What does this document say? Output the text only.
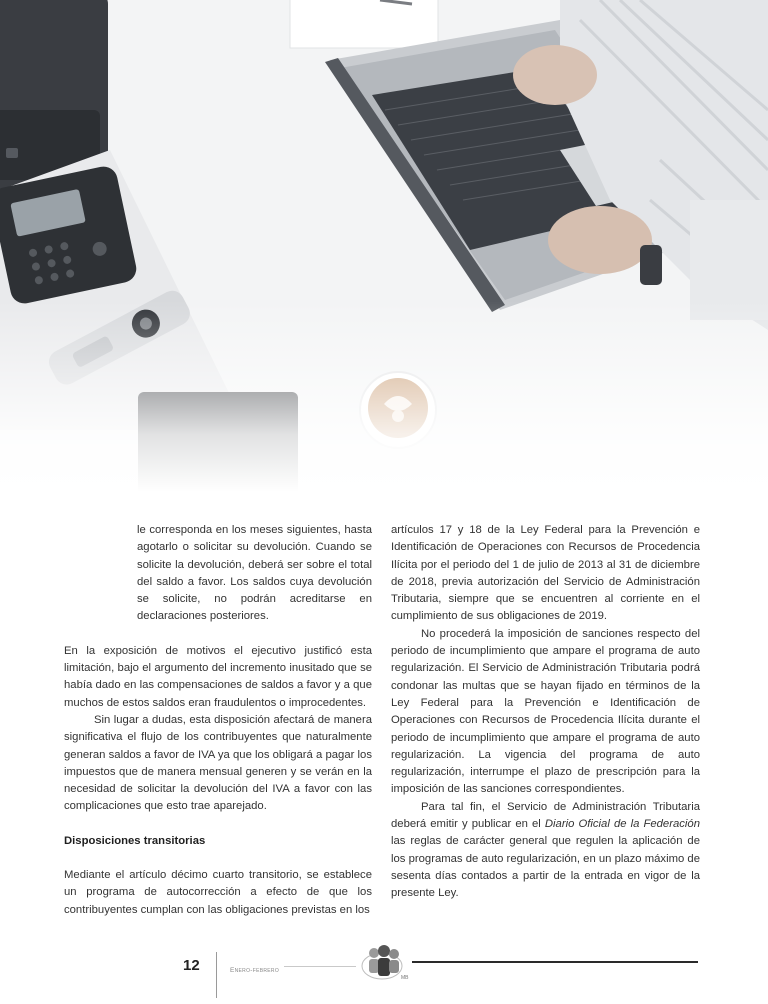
le corresponda en los meses siguientes, hasta agotarlo o solicitar su devolución. Cuando se solicite la devolución, deberá ser sobre el total del saldo a favor. Los saldos cuya devolución se solicite, no podrán acreditarse en declaraciones posteriores.

En la exposición de motivos el ejecutivo justificó esta limitación, bajo el argumento del incremento inusitado que se había dado en las compensaciones de saldos a favor y a que muchos de estos saldos eran fraudulentos o improcedentes.

Sin lugar a dudas, esta disposición afectará de manera significativa el flujo de los contribuyentes que naturalmente generan saldos a favor de IVA ya que los obligará a pagar los impuestos que de manera mensual generen y se verán en la necesidad de solicitar la devolución del IVA a favor con las complicaciones que esto trae aparejado.

Disposiciones transitorias

Mediante el artículo décimo cuarto transitorio, se establece un programa de autocorrección a efecto de que los contribuyentes cumplan con las obligaciones previstas en los

artículos 17 y 18 de la Ley Federal para la Prevención e Identificación de Operaciones con Recursos de Procedencia Ilícita por el periodo del 1 de julio de 2013 al 31 de diciembre de 2018, previa autorización del Servicio de Administración Tributaria, siempre que se encuentren al corriente en el cumplimiento de sus obligaciones de 2019.

No procederá la imposición de sanciones respecto del periodo de incumplimiento que ampare el programa de auto regularización. El Servicio de Administración Tributaria podrá condonar las multas que se hayan fijado en términos de la Ley Federal para la Prevención e Identificación de Operaciones con Recursos de Procedencia Ilícita durante el periodo de incumplimiento que ampare el programa de auto regularización. La vigencia del programa de auto regularización, interrumpe el plazo de prescripción para la imposición de las sanciones correspondientes.

Para tal fin, el Servicio de Administración Tributaria deberá emitir y publicar en el Diario Oficial de la Federación las reglas de carácter general que regulen la aplicación de los programas de auto regularización, en un plazo máximo de sesenta días contados a partir de la entrada en vigor de la presente Ley.

12	Enero-febrero
MB
